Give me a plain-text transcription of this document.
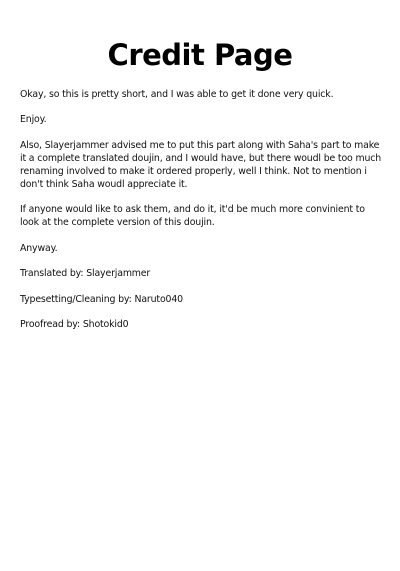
Credit Page
Okay, so this is pretty short, and I was able to get it done very quick.
Enjoy.
Also, Slayerjammer advised me to put this part along with Saha's part to make it a complete translated doujin, and I would have, but there woudl be too much renaming involved to make it ordered properly, well I think. Not to mention i don't think Saha woudl appreciate it.
If anyone would like to ask them, and do it, it'd be much more convinient to look at the complete version of this doujin.
Anyway.
Translated by: Slayerjammer
Typesetting/Cleaning by: Naruto040
Proofread by: Shotokid0
